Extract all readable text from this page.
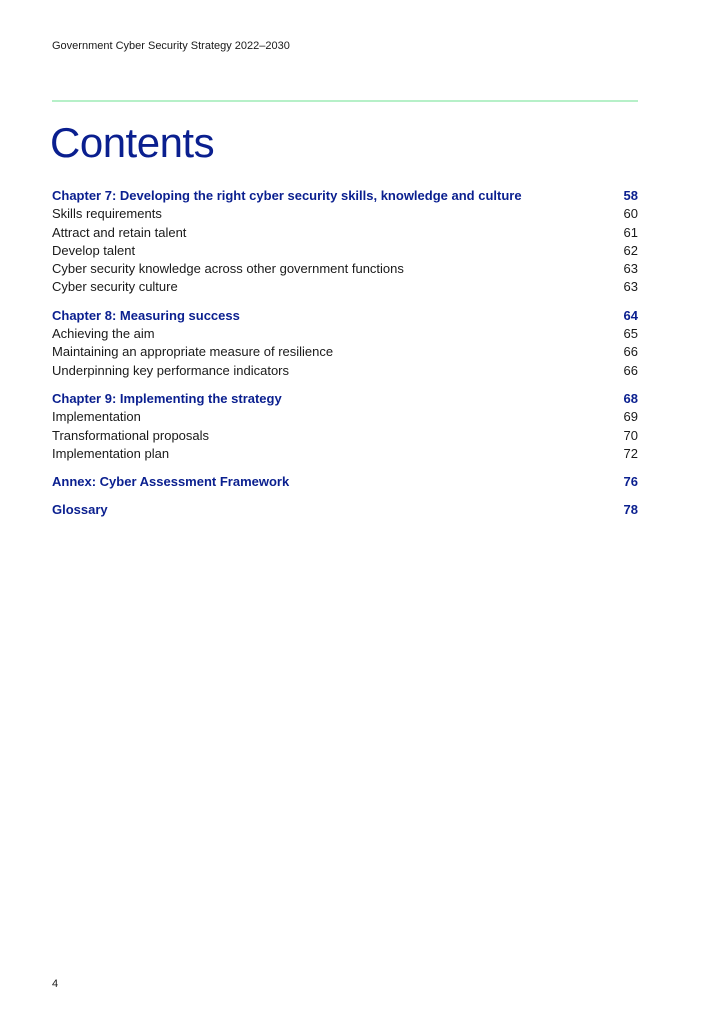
Government Cyber Security Strategy 2022–2030
Contents
Chapter 7: Developing the right cyber security skills, knowledge and culture	58
Skills requirements	60
Attract and retain talent	61
Develop talent	62
Cyber security knowledge across other government functions	63
Cyber security culture	63
Chapter 8: Measuring success	64
Achieving the aim	65
Maintaining an appropriate measure of resilience	66
Underpinning key performance indicators	66
Chapter 9: Implementing the strategy	68
Implementation	69
Transformational proposals	70
Implementation plan	72
Annex: Cyber Assessment Framework	76
Glossary	78
4
